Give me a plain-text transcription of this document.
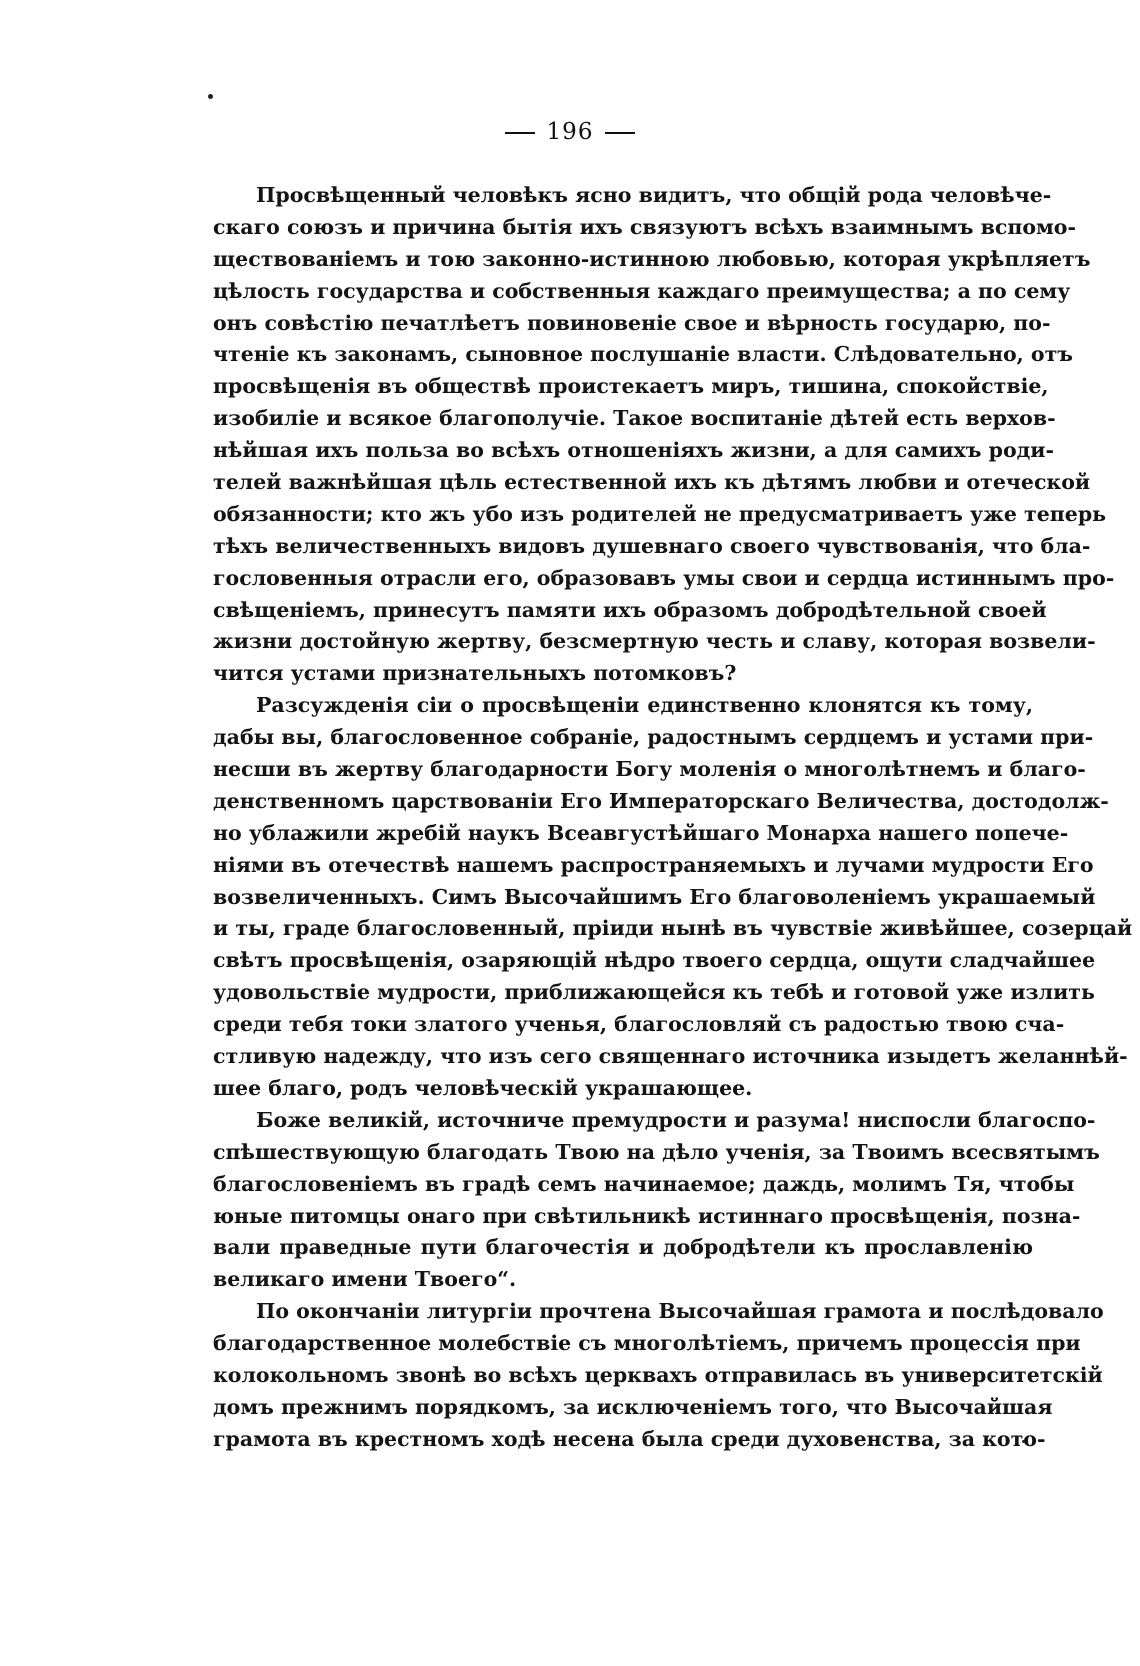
196
Просвѣщенный человѣкъ ясно видитъ, что общій рода человѣче-
скаго союзъ и причина бытія ихъ связуютъ всѣхъ взаимнымъ вспомо-
ществованіемъ и тою законно-истинною любовью, которая укрѣпляетъ
цѣлость государства и собственныя каждаго преимущества; а по сему
онъ совѣстію печатлѣетъ повиновеніе свое и вѣрность государю, по-
чтеніе къ законамъ, сыновное послушаніе власти. Слѣдовательно, отъ
просвѣщенія въ обществѣ проистекаетъ миръ, тишина, спокойствіе,
изобиліе и всякое благополучіе. Такое воспитаніе дѣтей есть верхов-
нѣйшая ихъ польза во всѣхъ отношеніяхъ жизни, а для самихъ роди-
телей важнѣйшая цѣль естественной ихъ къ дѣтямъ любви и отеческой
обязанности; кто жъ убо изъ родителей не предусматриваетъ уже теперь
тѣхъ величественныхъ видовъ душевнаго своего чувствованія, что бла-
гословенныя отрасли его, образовавъ умы свои и сердца истиннымъ про-
свѣщеніемъ, принесутъ памяти ихъ образомъ добродѣтельной своей
жизни достойную жертву, безсмертную честь и славу, которая возвели-
чится устами признательныхъ потомковъ?
Разсужденія сіи о просвѣщеніи единственно клонятся къ тому,
дабы вы, благословенное собраніе, радостнымъ сердцемъ и устами при-
несши въ жертву благодарности Богу моленія о многолѣтнемъ и благо-
денственномъ царствованіи Его Императорскаго Величества, достодолж-
но ублажили жребій наукъ Всеавгустѣйшаго Монарха нашего попече-
ніями въ отечествѣ нашемъ распространяемыхъ и лучами мудрости Его
возвеличенныхъ. Симъ Высочайшимъ Его благоволеніемъ украшаемый
и ты, граде благословенный, пріиди нынѣ въ чувствіе живѣйшее, созерцай
свѣтъ просвѣщенія, озаряющій нѣдро твоего сердца, ощути сладчайшее
удовольствіе мудрости, приближающейся къ тебѣ и готовой уже излить
среди тебя токи златого ученья, благословляй съ радостью твою сча-
стливую надежду, что изъ сего священнаго источника изыдетъ желаннѣй-
шее благо, родъ человѣческій украшающее.
Боже великій, источниче премудрости и разума! ниспосли благоспо-
спѣшествующую благодать Твою на дѣло ученія, за Твоимъ всесвятымъ
благословеніемъ въ градѣ семъ начинаемое; даждь, молимъ Тя, чтобы
юные питомцы онаго при свѣтильникѣ истиннаго просвѣщенія, позна-
вали праведные пути благочестія и добродѣтели къ прославленію
великаго имени Твоего“.
По окончаніи литургіи прочтена Высочайшая грамота и послѣдовало
благодарственное молебствіе съ многолѣтіемъ, причемъ процессія при
колокольномъ звонѣ во всѣхъ церквахъ отправилась въ университетскій
домъ прежнимъ порядкомъ, за исключеніемъ того, что Высочайшая
грамота въ крестномъ ходѣ несена была среди духовенства, за кото-
